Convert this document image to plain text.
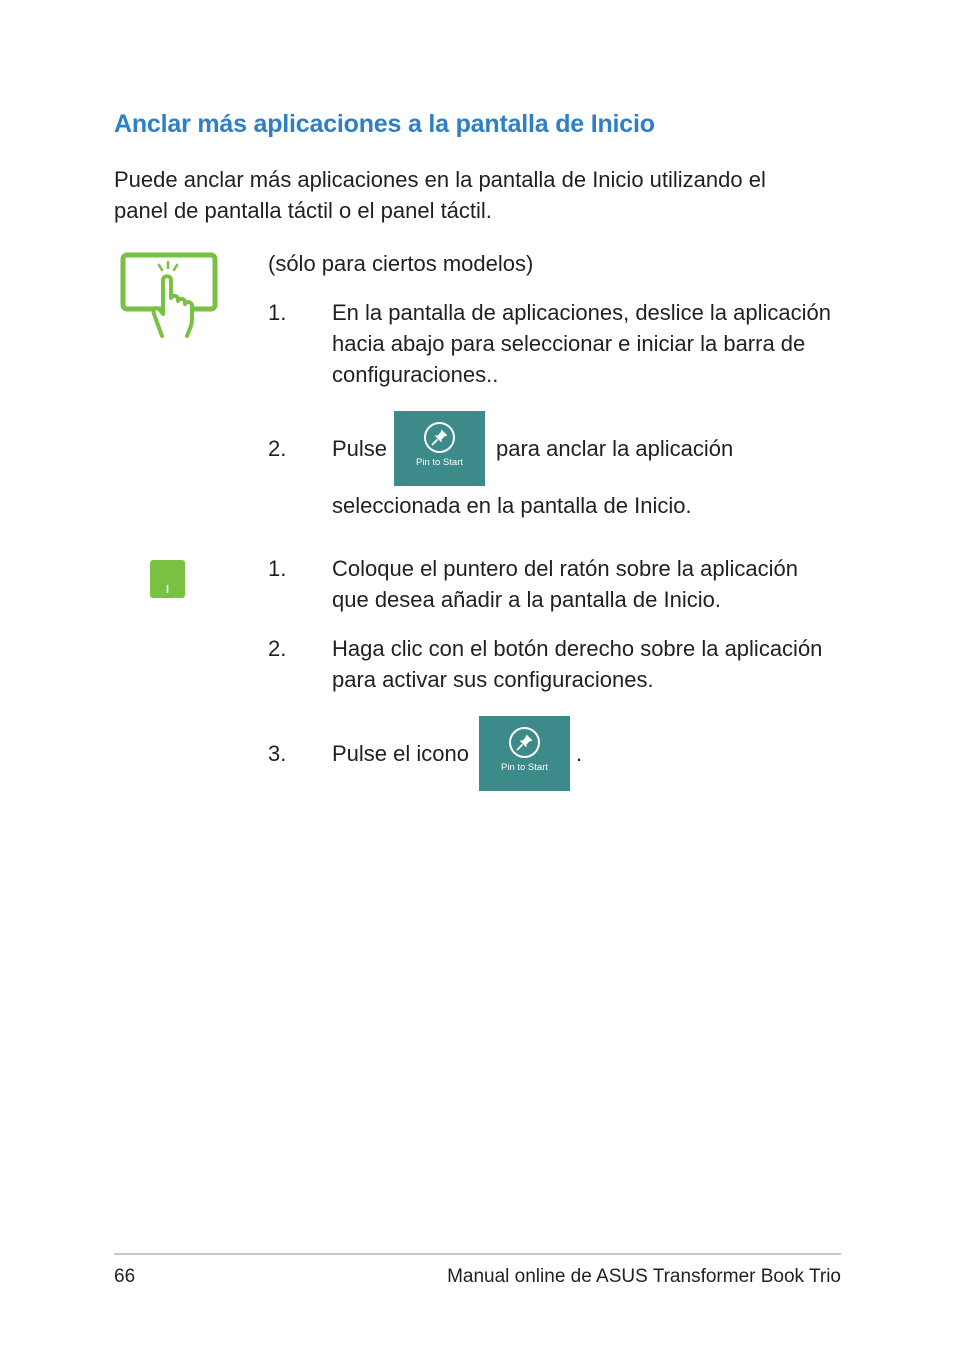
Anclar más aplicaciones a la pantalla de Inicio

Puede anclar más aplicaciones en la pantalla de Inicio utilizando el

panel de pantalla táctil o el panel táctil.

(sólo para ciertos modelos)
1. En la pantalla de aplicaciones, deslice la aplicación

hacia abajo para seleccionar e iniciar la barra de

configuraciones..

2. Pulse
Pin to Start
para anclar la aplicación
seleccionada en la pantalla de Inicio.
1. Coloque el puntero del ratón sobre la aplicación

que desea añadir a la pantalla de Inicio.

2. Haga clic con el botón derecho sobre la aplicación

para activar sus configuraciones.

3. Pulse el icono
Pin to Start
.
66	Manual online de ASUS Transformer Book Trio
